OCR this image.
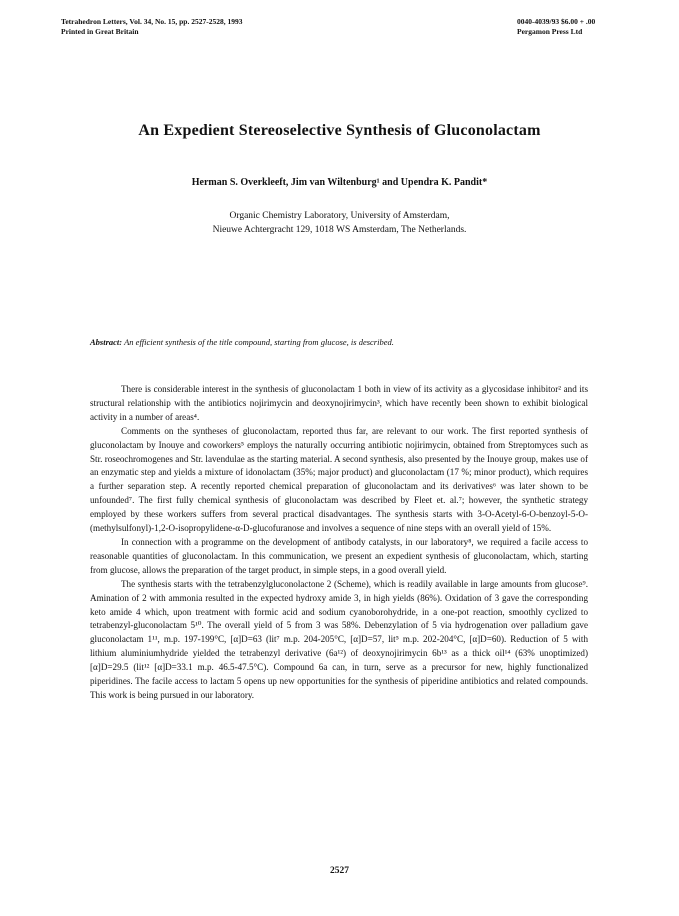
Tetrahedron Letters, Vol. 34, No. 15, pp. 2527-2528, 1993
Printed in Great Britain
0040-4039/93 $6.00 + .00
Pergamon Press Ltd
An Expedient Stereoselective Synthesis of Gluconolactam
Herman S. Overkleeft, Jim van Wiltenburg¹ and Upendra K. Pandit*
Organic Chemistry Laboratory, University of Amsterdam,
Nieuwe Achtergracht 129, 1018 WS Amsterdam, The Netherlands.
Abstract: An efficient synthesis of the title compound, starting from glucose, is described.

There is considerable interest in the synthesis of gluconolactam 1 both in view of its activity as a glycosidase inhibitor² and its structural relationship with the antibiotics nojirimycin and deoxynojirimycin³, which have recently been shown to exhibit biological activity in a number of areas⁴.

Comments on the syntheses of gluconolactam, reported thus far, are relevant to our work. The first reported synthesis of gluconolactam by Inouye and coworkers⁵ employs the naturally occurring antibiotic nojirimycin, obtained from Streptomyces such as Str. roseochromogenes and Str. lavendulae as the starting material. A second synthesis, also presented by the Inouye group, makes use of an enzymatic step and yields a mixture of idonolactam (35%; major product) and gluconolactam (17 %; minor product), which requires a further separation step. A recently reported chemical preparation of gluconolactam and its derivatives⁶ was later shown to be unfounded⁷. The first fully chemical synthesis of gluconolactam was described by Fleet et. al.⁷; however, the synthetic strategy employed by these workers suffers from several practical disadvantages. The synthesis starts with 3-O-Acetyl-6-O-benzoyl-5-O-(methylsulfonyl)-1,2-O-isopropylidene-α-D-glucofuranose and involves a sequence of nine steps with an overall yield of 15%.

In connection with a programme on the development of antibody catalysts, in our laboratory⁸, we required a facile access to reasonable quantities of gluconolactam. In this communication, we present an expedient synthesis of gluconolactam, which, starting from glucose, allows the preparation of the target product, in simple steps, in a good overall yield.

The synthesis starts with the tetrabenzylgluconolactone 2 (Scheme), which is readily available in large amounts from glucose⁹. Amination of 2 with ammonia resulted in the expected hydroxy amide 3, in high yields (86%). Oxidation of 3 gave the corresponding keto amide 4 which, upon treatment with formic acid and sodium cyanoborohydride, in a one-pot reaction, smoothly cyclized to tetrabenzyl-gluconolactam 5¹⁰. The overall yield of 5 from 3 was 58%. Debenzylation of 5 via hydrogenation over palladium gave gluconolactam 1¹¹, m.p. 197-199°C, [α]D=63 (lit⁷ m.p. 204-205°C, [α]D=57, lit⁵ m.p. 202-204°C, [α]D=60). Reduction of 5 with lithium aluminiumhydride yielded the tetrabenzyl derivative (6a¹²) of deoxynojirimycin 6b¹³ as a thick oil¹⁴ (63% unoptimized) [α]D=29.5 (lit¹² [α]D=33.1 m.p. 46.5-47.5°C). Compound 6a can, in turn, serve as a precursor for new, highly functionalized piperidines. The facile access to lactam 5 opens up new opportunities for the synthesis of piperidine antibiotics and related compounds. This work is being pursued in our laboratory.

2527
